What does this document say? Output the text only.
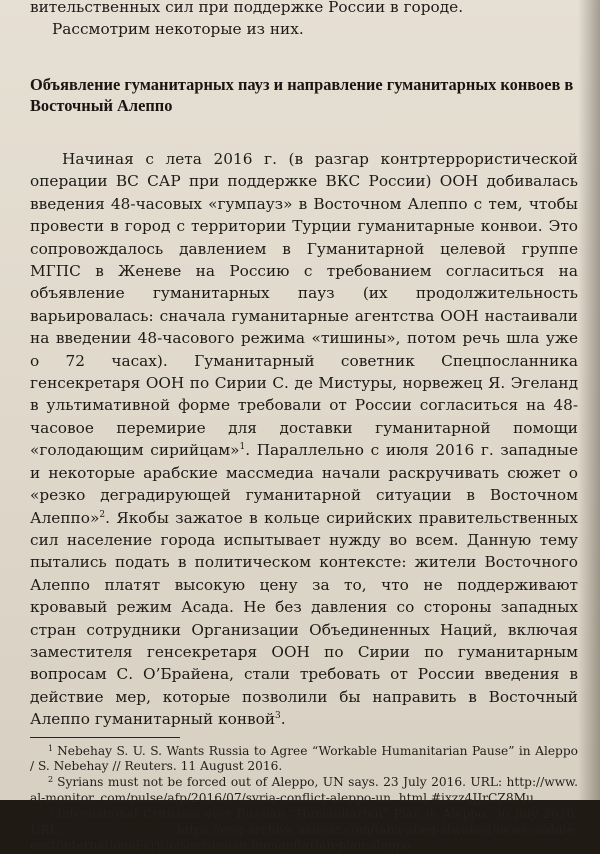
вительственных сил при поддержке России в городе.

Рассмотрим некоторые из них.

Объявление гуманитарных пауз и направление гуманитарных конвоев в Восточный Алеппо

Начиная с лета 2016 г. (в разгар контртеррористической операции ВС САР при поддержке ВКС России) ООН добивалась введения 48-часовых «гумпауз» в Восточном Алеппо с тем, чтобы провести в город с территории Турции гуманитарные конвои. Это сопровождалось давлением в Гуманитарной целевой группе МГПС в Женеве на Россию с требованием согласиться на объявление гуманитарных пауз (их продолжительность варьировалась: сначала гуманитарные агентства ООН настаивали на введении 48-часового режима «тишины», потом речь шла уже о 72 часах). Гуманитарный советник Спецпосланника генсекретаря ООН по Сирии С. де Мистуры, норвежец Я. Эгеланд в ультимативной форме требовали от России согласиться на 48-часовое перемирие для доставки гуманитарной помощи «голодающим сирийцам»$^1$. Параллельно с июля 2016 г. западные и некоторые арабские массмедиа начали раскручивать сюжет о «резко деградирующей гуманитарной ситуации в Восточном Алеппо»$^2$. Якобы зажатое в кольце сирийских правительственных сил население города испытывает нужду во всем. Данную тему пытались подать в политическом контексте: жители Восточного Алеппо платят высокую цену за то, что не поддерживают кровавый режим Асада. Не без давления со стороны западных стран сотрудники Организации Объединенных Наций, включая заместителя генсекретаря ООН по Сирии по гуманитарным вопросам С. О’Брайена, стали требовать от России введения в действие мер, которые позволили бы направить в Восточный Алеппо гуманитарный конвой$^3$.

$^1$ Nebehay S. U. S. Wants Russia to Agree “Workable Humanitarian Pause” in Aleppo / S. Nebehay // Reuters. 11 August 2016.

$^2$ Syrians must not be forced out of Aleppo, UN says. 23 July 2016. URL: http://www. al-monitor. com/pulse/afp/2016/07/syria-conflict-aleppo-un. html #ixzz4JJrCZ8Mu

$^3$ International Criticism over Russian “Humanitarian” Plan in Aleppo. 30 July 2016. URL: https://eng-archive.aawsat.com/taha-abed-alwahed/news-middle-east/international-criticism-russian-humanitarian-plan-aleppo
